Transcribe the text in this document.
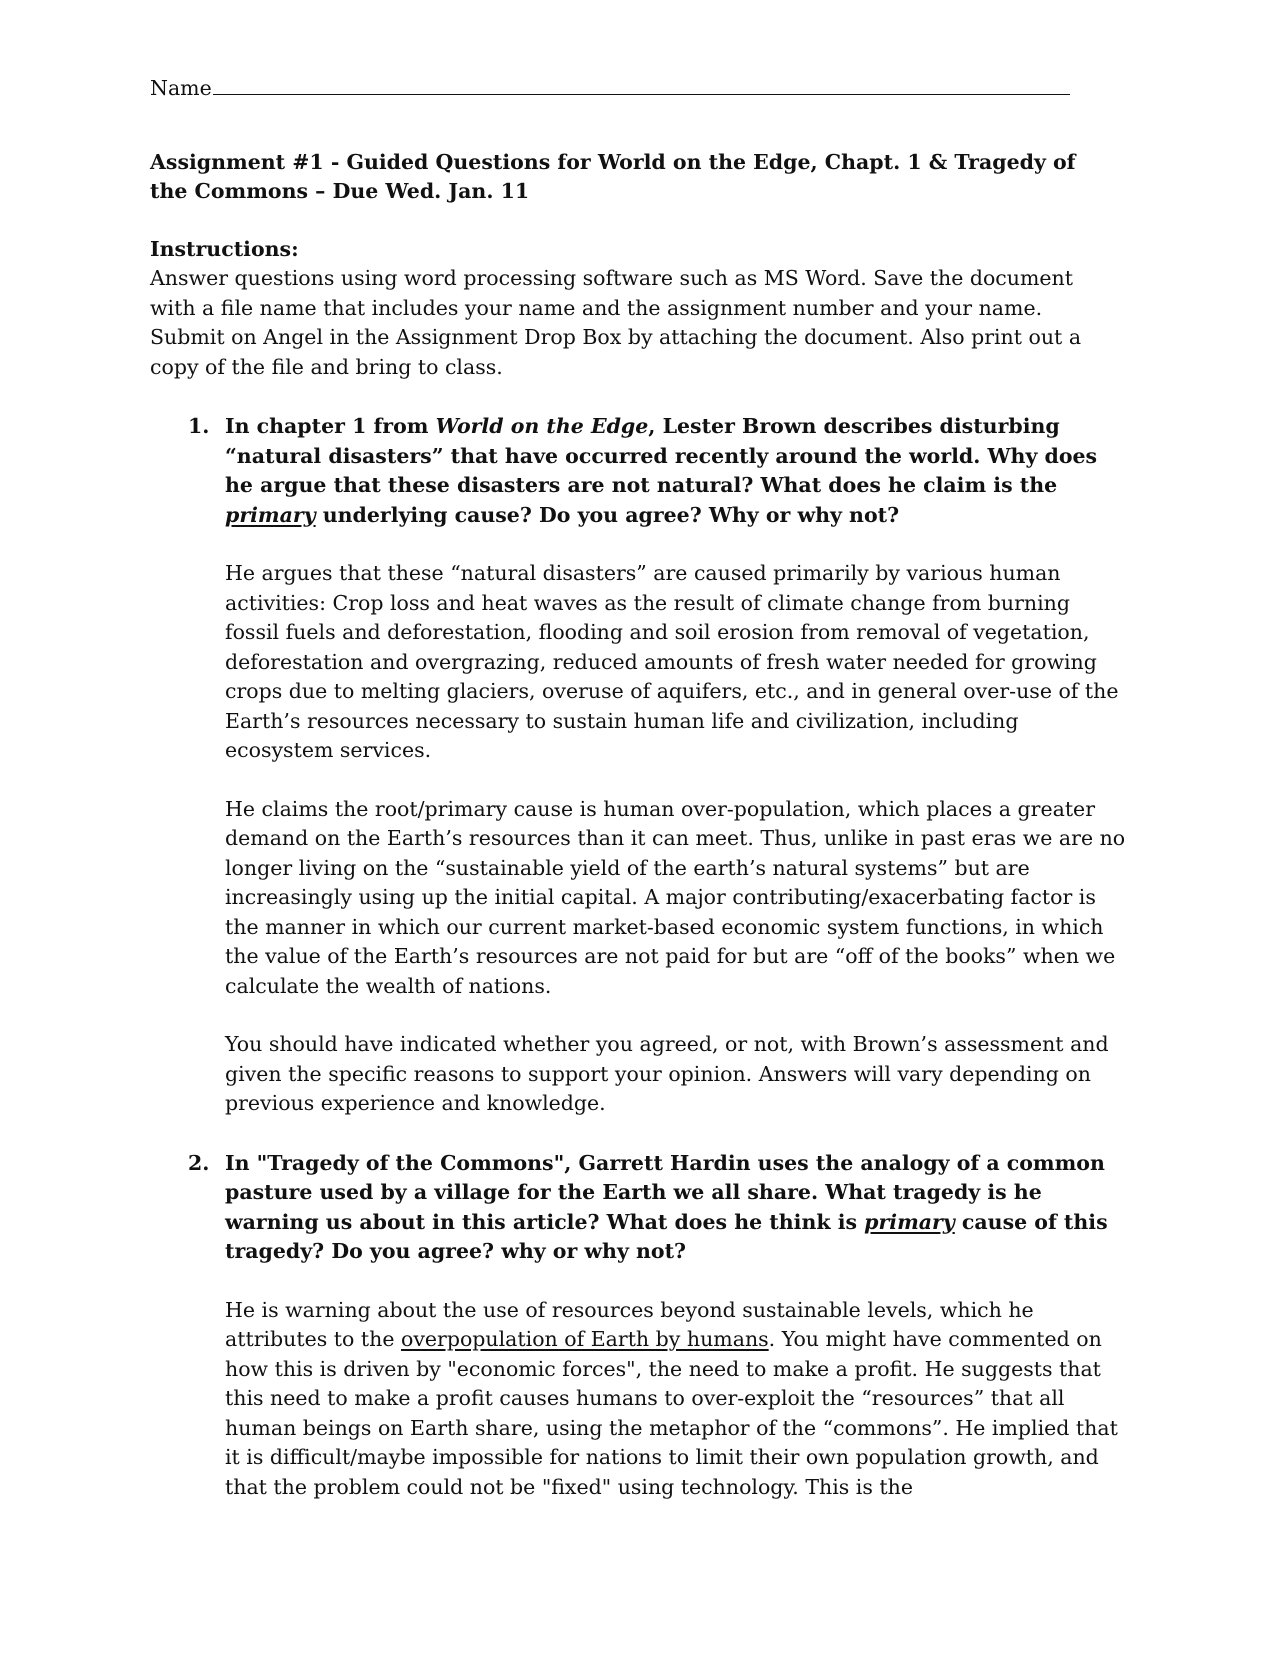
Name
Assignment #1 - Guided Questions for World on the Edge, Chapt. 1 & Tragedy of the Commons – Due Wed. Jan. 11
Instructions:
Answer questions using word processing software such as MS Word. Save the document with a file name that includes your name and the assignment number and your name. Submit on Angel in the Assignment Drop Box by attaching the document. Also print out a copy of the file and bring to class.
1. In chapter 1 from World on the Edge, Lester Brown describes disturbing “natural disasters” that have occurred recently around the world. Why does he argue that these disasters are not natural? What does he claim is the primary underlying cause? Do you agree? Why or why not?
He argues that these “natural disasters” are caused primarily by various human activities: Crop loss and heat waves as the result of climate change from burning fossil fuels and deforestation, flooding and soil erosion from removal of vegetation, deforestation and overgrazing, reduced amounts of fresh water needed for growing crops due to melting glaciers, overuse of aquifers, etc., and in general over-use of the Earth’s resources necessary to sustain human life and civilization, including ecosystem services.
He claims the root/primary cause is human over-population, which places a greater demand on the Earth’s resources than it can meet. Thus, unlike in past eras we are no longer living on the “sustainable yield of the earth’s natural systems” but are increasingly using up the initial capital. A major contributing/exacerbating factor is the manner in which our current market-based economic system functions, in which the value of the Earth’s resources are not paid for but are “off of the books” when we calculate the wealth of nations.
You should have indicated whether you agreed, or not, with Brown’s assessment and given the specific reasons to support your opinion. Answers will vary depending on previous experience and knowledge.
2. In "Tragedy of the Commons", Garrett Hardin uses the analogy of a common pasture used by a village for the Earth we all share. What tragedy is he warning us about in this article? What does he think is primary cause of this tragedy? Do you agree? why or why not?
He is warning about the use of resources beyond sustainable levels, which he attributes to the overpopulation of Earth by humans. You might have commented on how this is driven by "economic forces", the need to make a profit. He suggests that this need to make a profit causes humans to over-exploit the “resources” that all human beings on Earth share, using the metaphor of the “commons”. He implied that it is difficult/maybe impossible for nations to limit their own population growth, and that the problem could not be "fixed" using technology. This is the
